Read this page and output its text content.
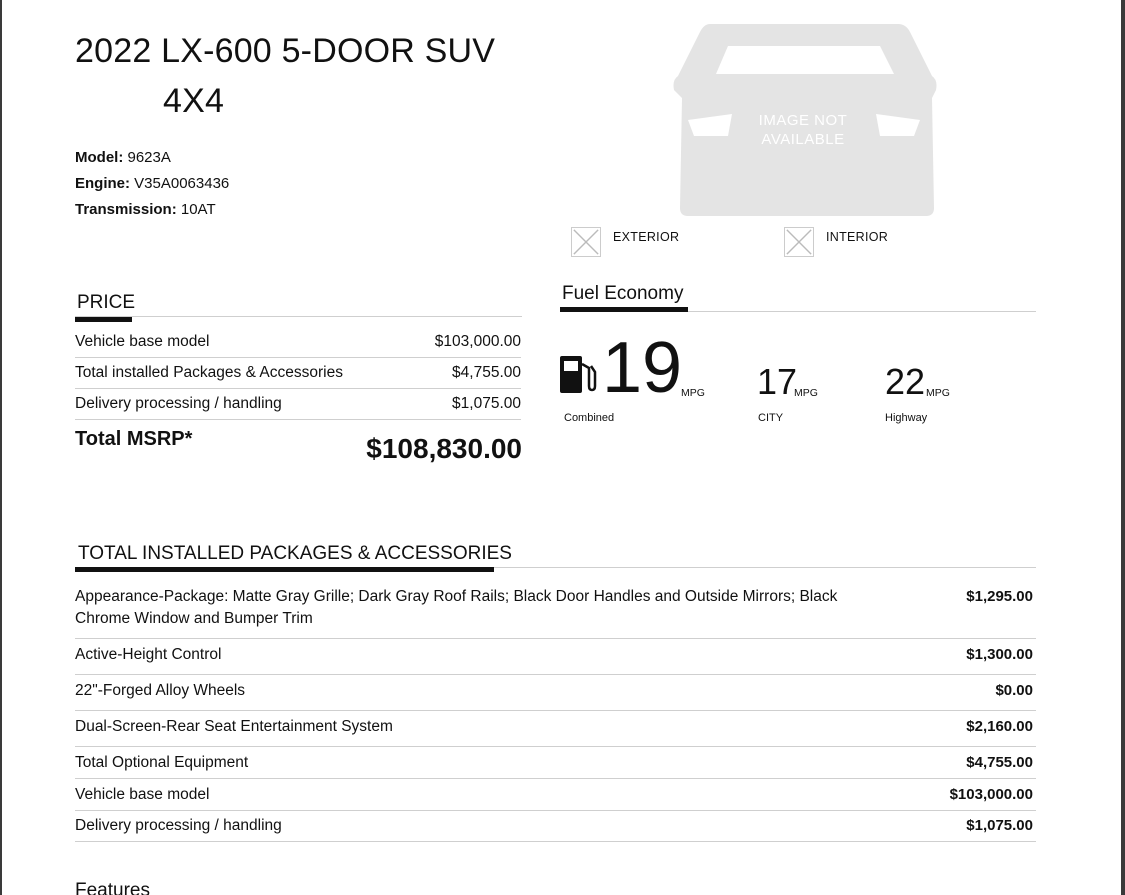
2022 LX-600 5-DOOR SUV
4X4
Model: 9623A
Engine: V35A0063436
Transmission: 10AT
IMAGE NOT
AVAILABLE
EXTERIOR	INTERIOR
PRICE
Vehicle base model	$103,000.00
Total installed Packages & Accessories	$4,755.00
Delivery processing / handling	$1,075.00
Total MSRP*	$108,830.00
Fuel Economy
19
MPG
Combined
17
MPG
CITY
22 MPG
Highway
TOTAL INSTALLED PACKAGES & ACCESSORIES
Appearance-Package: Matte Gray Grille; Dark Gray Roof Rails; Black Door Handles and Outside Mirrors; Black Chrome Window and Bumper Trim
$1,295.00
Active-Height Control	$1,300.00
22"-Forged Alloy Wheels	$0.00
Dual-Screen-Rear Seat Entertainment System	$2,160.00
Total Optional Equipment	$4,755.00
Vehicle base model	$103,000.00
Delivery processing / handling	$1,075.00
Features
